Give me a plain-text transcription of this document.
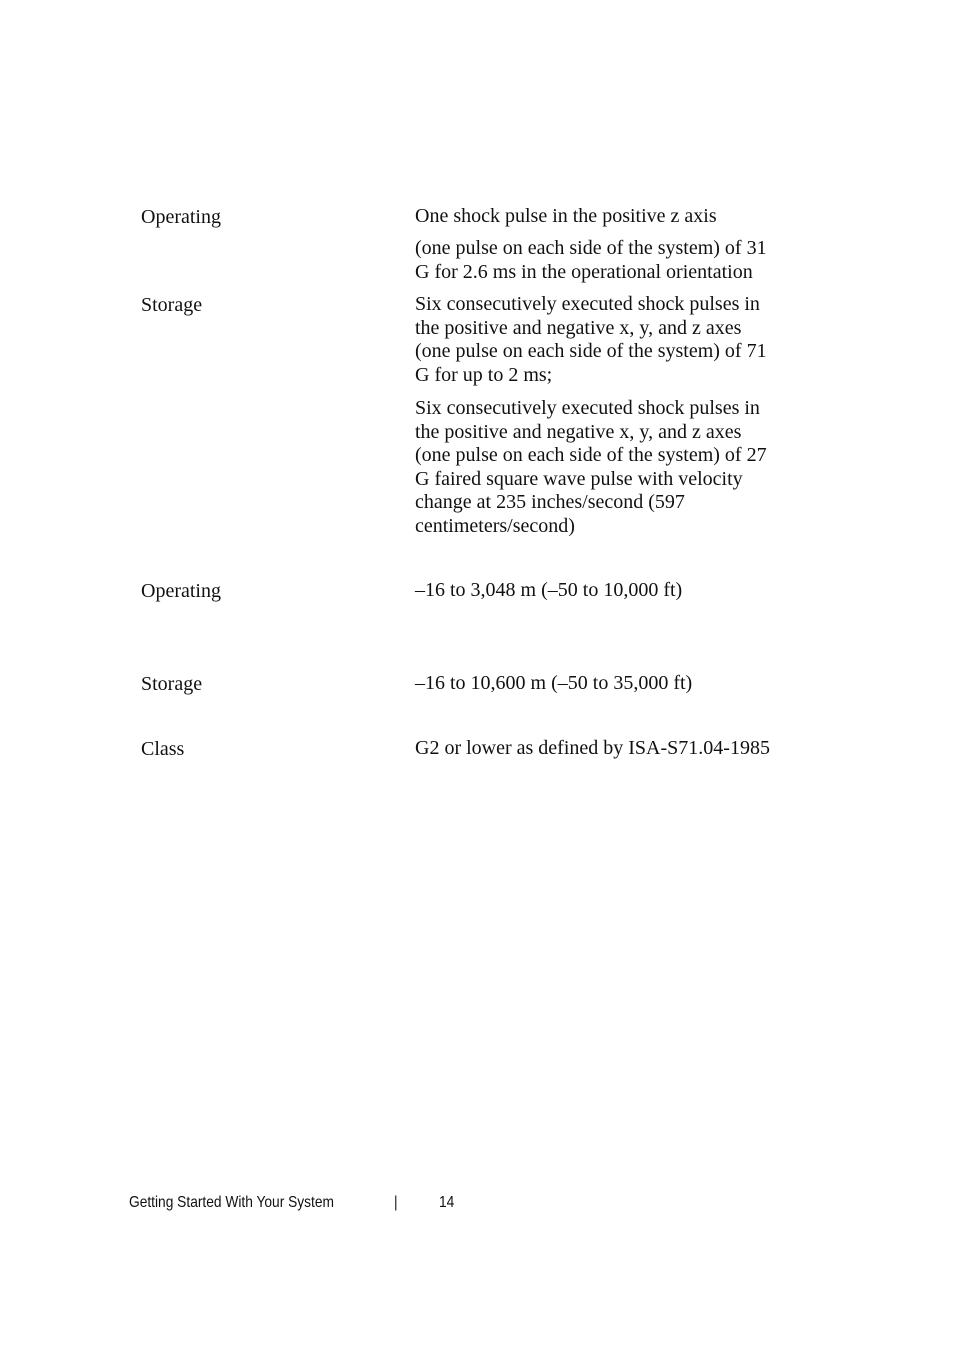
Operating	One shock pulse in the positive z axis
(one pulse on each side of the system) of 31
G for 2.6 ms in the operational orientation
Storage	Six consecutively executed shock pulses in
the positive and negative x, y, and z axes
(one pulse on each side of the system) of 71
G for up to 2 ms;
Six consecutively executed shock pulses in
the positive and negative x, y, and z axes
(one pulse on each side of the system) of 27
G faired square wave pulse with velocity
change at 235 inches/second (597
centimeters/second)
Operating	–16 to 3,048 m (–50 to 10,000 ft)
Storage	–16 to 10,600 m (–50 to 35,000 ft)
Class	G2 or lower as defined by ISA-S71.04-1985
Getting Started With Your System	|	14
